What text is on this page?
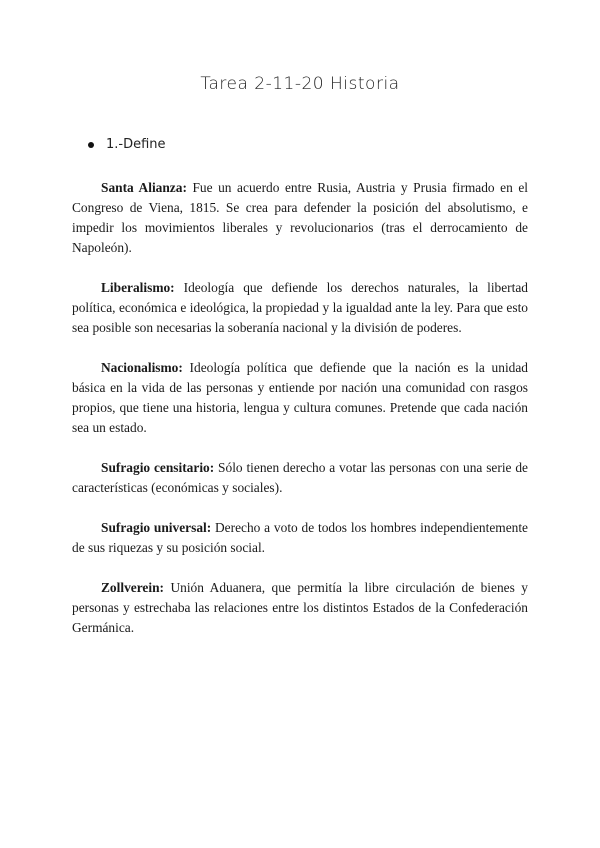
Tarea 2-11-20 Historia
1.-Define

Santa Alianza: Fue un acuerdo entre Rusia, Austria y Prusia firmado en el Congreso de Viena, 1815. Se crea para defender la posición del absolutismo, e impedir los movimientos liberales y revolucionarios (tras el derrocamiento de Napoleón).

Liberalismo: Ideología que defiende los derechos naturales, la libertad política, económica e ideológica, la propiedad y la igualdad ante la ley. Para que esto sea posible son necesarias la soberanía nacional y la división de poderes.

Nacionalismo: Ideología política que defiende que la nación es la unidad básica en la vida de las personas y entiende por nación una comunidad con rasgos propios, que tiene una historia, lengua y cultura comunes. Pretende que cada nación sea un estado.

Sufragio censitario: Sólo tienen derecho a votar las personas con una serie de características (económicas y sociales).

Sufragio universal: Derecho a voto de todos los hombres independientemente de sus riquezas y su posición social.

Zollverein: Unión Aduanera, que permitía la libre circulación de bienes y personas y estrechaba las relaciones entre los distintos Estados de la Confederación Germánica.
